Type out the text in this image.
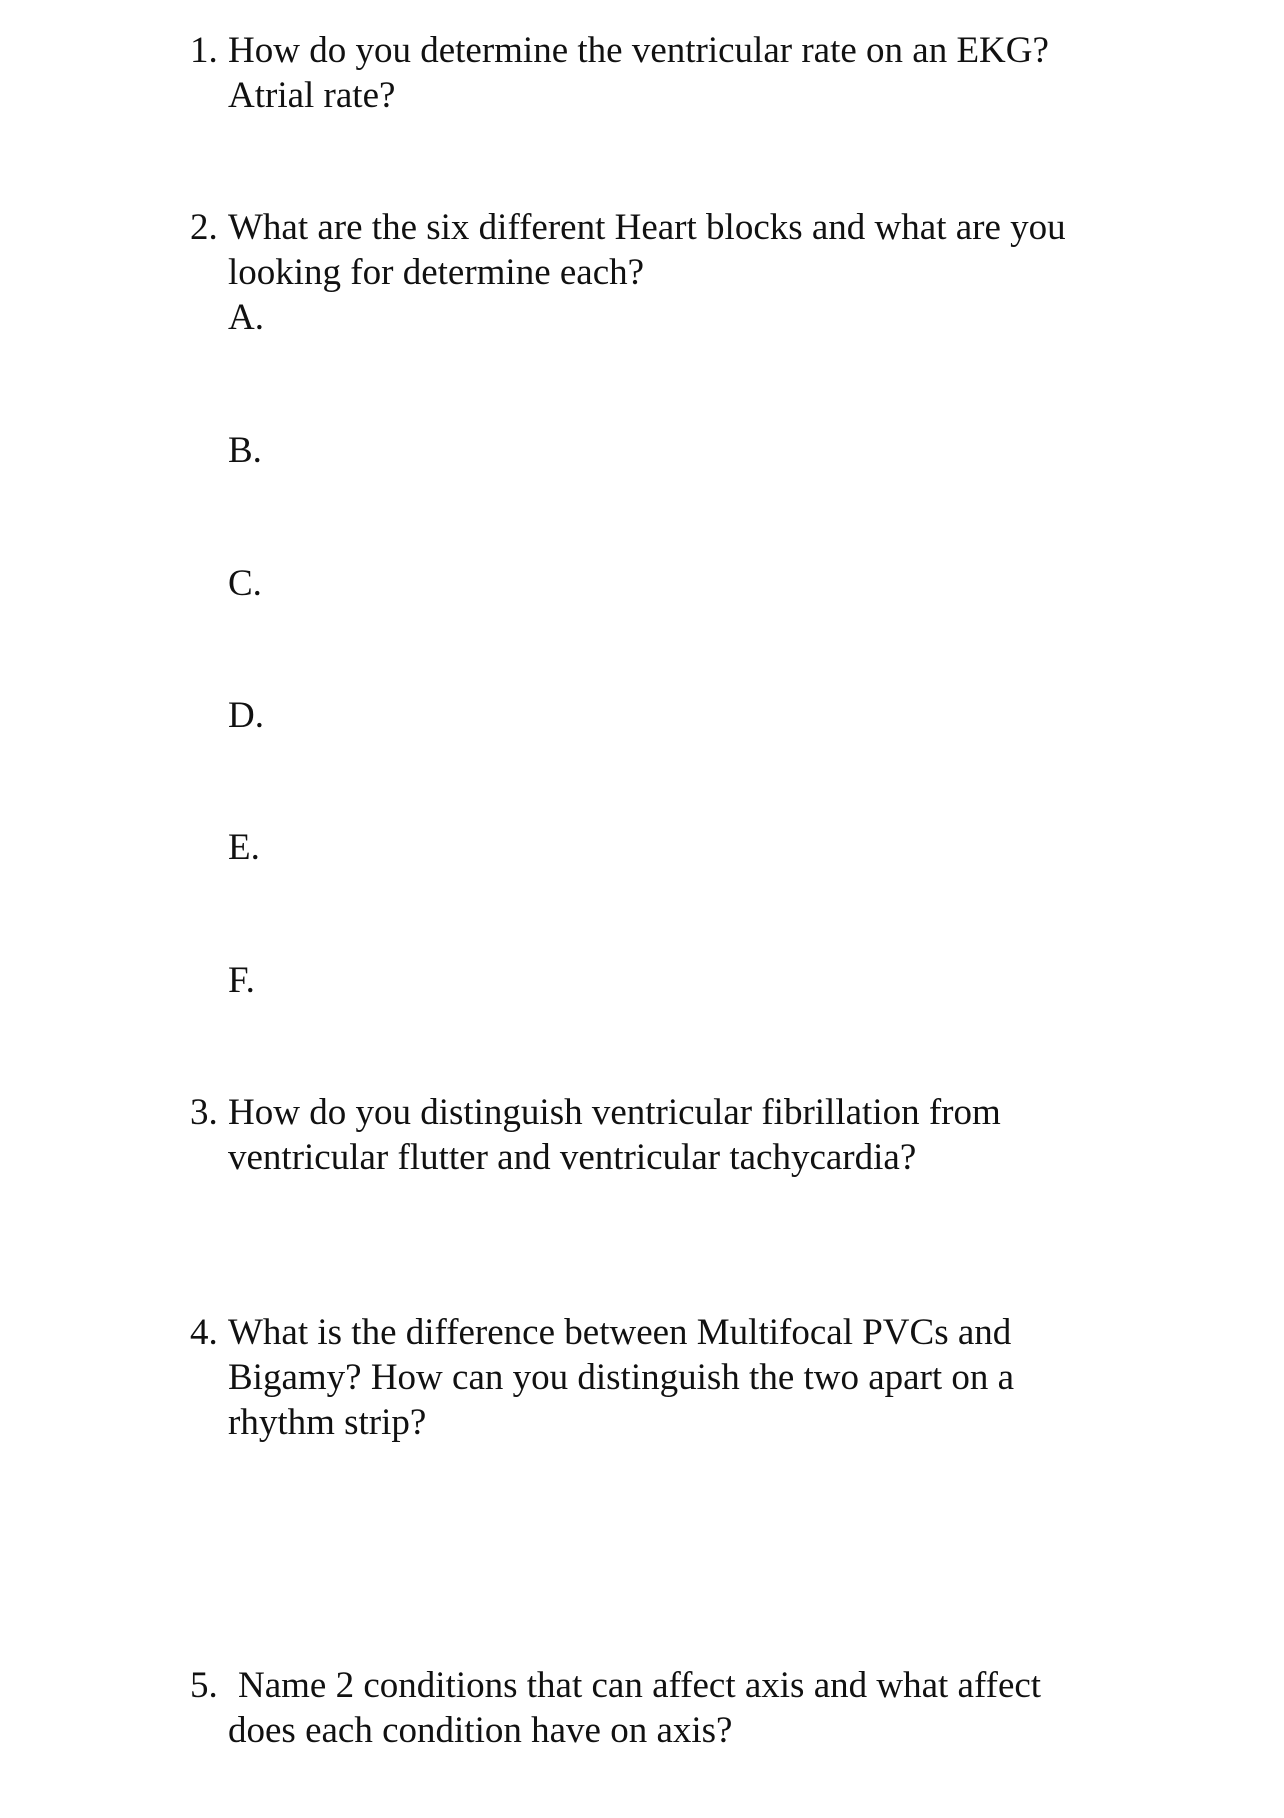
1. How do you determine the ventricular rate on an EKG?
Atrial rate?
2. What are the six different Heart blocks and what are you
looking for determine each?
A.
B.
C.
D.
E.
F.
3. How do you distinguish ventricular fibrillation from
ventricular flutter and ventricular tachycardia?
4. What is the difference between Multifocal PVCs and
Bigamy? How can you distinguish the two apart on a
rhythm strip?
5. Name 2 conditions that can affect axis and what affect
does each condition have on axis?
